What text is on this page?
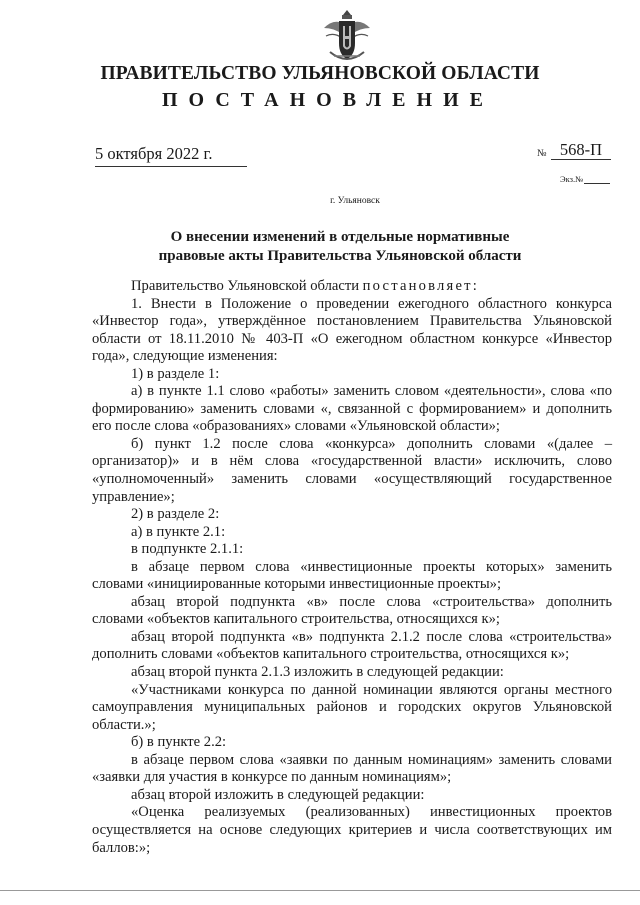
ПРАВИТЕЛЬСТВО УЛЬЯНОВСКОЙ ОБЛАСТИ
ПОСТАНОВЛЕНИЕ
5 октября 2022 г.	№ 568-П
Экз.№
г. Ульяновск
О внесении изменений в отдельные нормативные
правовые акты Правительства Ульяновской области

Правительство Ульяновской области постановляет:

1. Внести в Положение о проведении ежегодного областного конкурса «Инвестор года», утверждённое постановлением Правительства Ульяновской области от 18.11.2010 № 403-П «О ежегодном областном конкурсе «Инвестор года», следующие изменения:

1) в разделе 1:

а) в пункте 1.1 слово «работы» заменить словом «деятельности», слова «по формированию» заменить словами «, связанной с формированием» и дополнить его после слова «образованиях» словами «Ульяновской области»;

б) пункт 1.2 после слова «конкурса» дополнить словами «(далее – организатор)» и в нём слова «государственной власти» исключить, слово «уполномоченный» заменить словами «осуществляющий государственное управление»;

2) в разделе 2:

а) в пункте 2.1:

в подпункте 2.1.1:

в абзаце первом слова «инвестиционные проекты которых» заменить словами «инициированные которыми инвестиционные проекты»;

абзац второй подпункта «в» после слова «строительства» дополнить словами «объектов капитального строительства, относящихся к»;

абзац второй подпункта «в» подпункта 2.1.2 после слова «строительства» дополнить словами «объектов капитального строительства, относящихся к»;

абзац второй пункта 2.1.3 изложить в следующей редакции:

«Участниками конкурса по данной номинации являются органы местного самоуправления муниципальных районов и городских округов Ульяновской области.»;

б) в пункте 2.2:

в абзаце первом слова «заявки по данным номинациям» заменить словами «заявки для участия в конкурсе по данным номинациям»;

абзац второй изложить в следующей редакции:

«Оценка реализуемых (реализованных) инвестиционных проектов осуществляется на основе следующих критериев и числа соответствующих им баллов:»;
